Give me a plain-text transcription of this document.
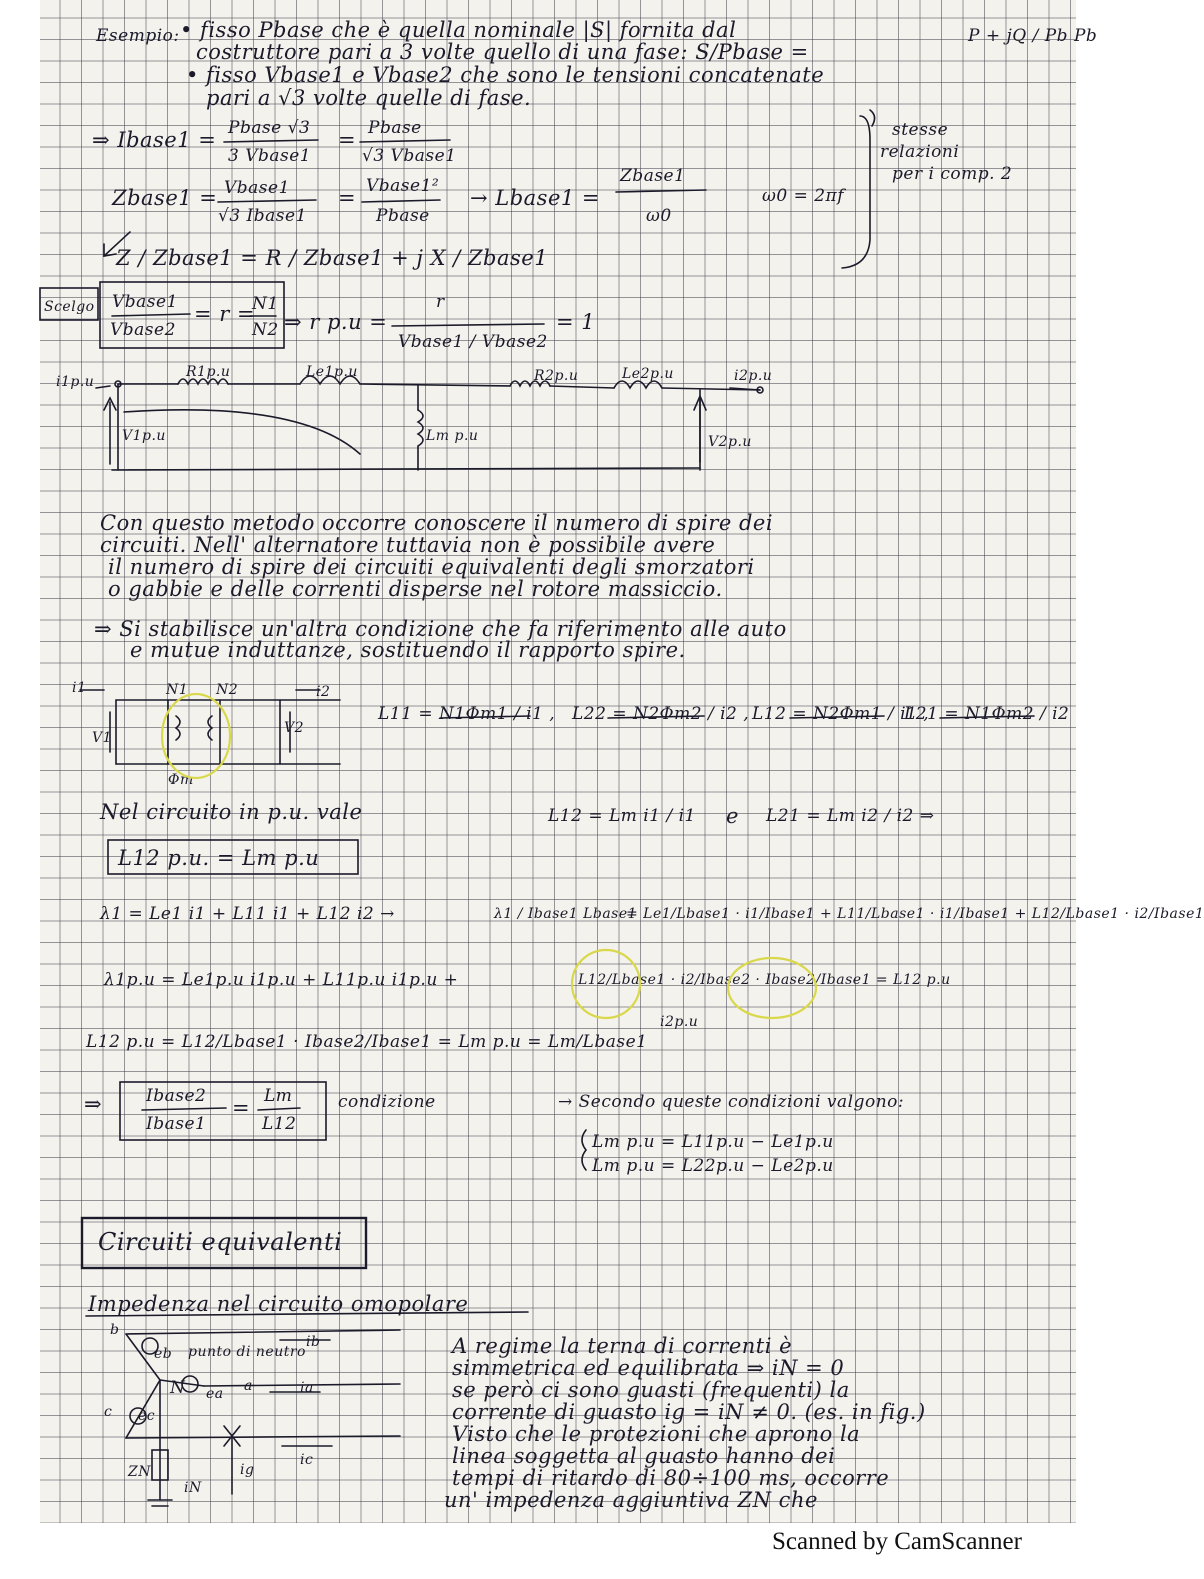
Esempio: • fisso Pbase che è quella nominale |S| fornita dal
costruttore pari a 3 volte quello di una fase: S/Pbase =
P + jQ / Pb Pb
• fisso Vbase1 e Vbase2 che sono le tensioni concatenate
pari a √3 volte quelle di fase.
⇒ Ibase1 = Pbase √3
3 Vbase1
= Pbase
√3 Vbase1
stesse
relazioni
per i comp. 2
Zbase1 = Vbase1
√3 Ibase1
= Vbase1²
Pbase
→ Lbase1 =
Zbase1
ω0
ω0 = 2πf
Z / Zbase1 = R / Zbase1 + j X / Zbase1
Scelgo Vbase1
Vbase2
= r =
N1
N2 ⇒ r p.u =
r
Vbase1 / Vbase2
= 1
i1p.u
R1p.u	Le1p.u	R2p.u	Le2p.u	i2p.u
V1p.u	Lm p.u	V2p.u
Con questo metodo occorre conoscere il numero di spire dei
circuiti. Nell' alternatore tuttavia non è possibile avere
il numero di spire dei circuiti equivalenti degli smorzatori
o gabbie e delle correnti disperse nel rotore massiccio.
⇒ Si stabilisce un'altra condizione che fa riferimento alle auto
e mutue induttanze, sostituendo il rapporto spire.
i1	N1 N2	i2
V1
V2
Φm
L11 = N1Φm1 / i1 , L22 = N2Φm2 / i2 , L12 = N2Φm1 / i1 ,
L21 = N1Φm2 / i2
Nel circuito in p.u. vale	L12 = Lm i1 / i1 e L21 = Lm i2 / i2 ⇒
L12 p.u. = Lm p.u
λ1 = Le1 i1 + L11 i1 + L12 i2 →	λ1 / Ibase1 Lbase1
= Le1/Lbase1 · i1/Ibase1 + L11/Lbase1 · i1/Ibase1 + L12/Lbase1 · i2/Ibase1
λ1p.u = Le1p.u i1p.u + L11p.u i1p.u +	L12/Lbase1 · i2/Ibase2 · Ibase2/Ibase1 = L12 p.u
i2p.u
L12 p.u = L12/Lbase1 · Ibase2/Ibase1 = Lm p.u = Lm/Lbase1
⇒	Ibase2
Ibase1
= Lm
L12
condizione	→ Secondo queste condizioni valgono:
Lm p.u = L11p.u − Le1p.u
Lm p.u = L22p.u − Le2p.u
Circuiti equivalenti
Impedenza nel circuito omopolare
b
eb punto di neutro
ib
ea
N	a	ia
c ec
ic
ZN
iN
ig
A regime la terna di correnti è
simmetrica ed equilibrata ⇒ iN = 0
se però ci sono guasti (frequenti) la
corrente di guasto ig = iN ≠ 0. (es. in fig.)
Visto che le protezioni che aprono la
linea soggetta al guasto hanno dei
tempi di ritardo di 80÷100 ms, occorre
un' impedenza aggiuntiva ZN che
Scanned by CamScanner
